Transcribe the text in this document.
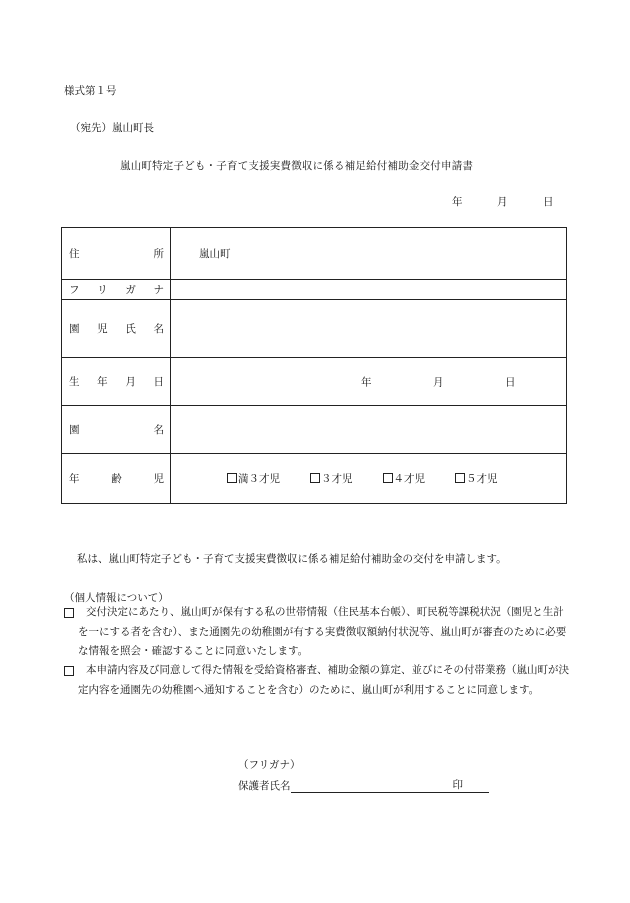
様式第１号
（宛先）嵐山町長
嵐山町特定子ども・子育て支援実費徴収に係る補足給付補助金交付申請書
年	月	日
住 所	嵐山町

フ リ ガ ナ	

園 児 氏 名	

生 年 月 日	年 月 日

園 名	

年 齢 児	満３才児 ３才児 ４才児 ５才児
私は、嵐山町特定子ども・子育て支援実費徴収に係る補足給付補助金の交付を申請します。
（個人情報について）
交付決定にあたり、嵐山町が保有する私の世帯情報（住民基本台帳）、町民税等課税状況（園児と生計を一にする者を含む）、また通園先の幼稚園が有する実費徴収額納付状況等、嵐山町が審査のために必要な情報を照会・確認することに同意いたします。
本申請内容及び同意して得た情報を受給資格審査、補助金額の算定、並びにその付帯業務（嵐山町が決定内容を通園先の幼稚園へ通知することを含む）のために、嵐山町が利用することに同意します。
（フリガナ）
保護者氏名	印
